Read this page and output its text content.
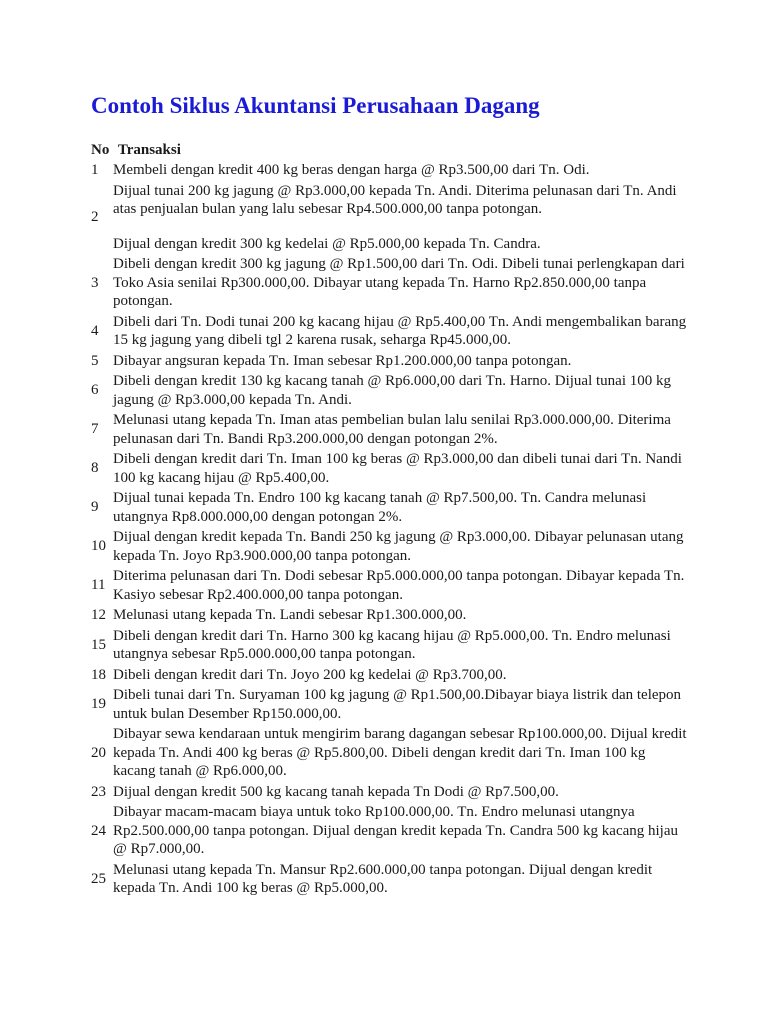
Contoh Siklus Akuntansi Perusahaan Dagang
No Transaksi
1 Membeli dengan kredit 400 kg beras dengan harga @ Rp3.500,00 dari Tn. Odi.

2

Dijual tunai 200 kg jagung @ Rp3.000,00 kepada Tn. Andi. Diterima pelunasan dari Tn. Andi atas penjualan bulan yang lalu sebesar Rp4.500.000,00 tanpa potongan.

Dijual dengan kredit 300 kg kedelai @ Rp5.000,00 kepada Tn. Candra.

3

Dibeli dengan kredit 300 kg jagung @ Rp1.500,00 dari Tn. Odi. Dibeli tunai perlengkapan dari Toko Asia senilai Rp300.000,00. Dibayar utang kepada Tn. Harno Rp2.850.000,00 tanpa potongan.

4

Dibeli dari Tn. Dodi tunai 200 kg kacang hijau @ Rp5.400,00 Tn. Andi mengembalikan barang 15 kg jagung yang dibeli tgl 2 karena rusak, seharga Rp45.000,00.

5 Dibayar angsuran kepada Tn. Iman sebesar Rp1.200.000,00 tanpa potongan.

6

Dibeli dengan kredit 130 kg kacang tanah @ Rp6.000,00 dari Tn. Harno. Dijual tunai 100 kg jagung @ Rp3.000,00 kepada Tn. Andi.

7

Melunasi utang kepada Tn. Iman atas pembelian bulan lalu senilai Rp3.000.000,00. Diterima pelunasan dari Tn. Bandi Rp3.200.000,00 dengan potongan 2%.

8

Dibeli dengan kredit dari Tn. Iman 100 kg beras @ Rp3.000,00 dan dibeli tunai dari Tn. Nandi 100 kg kacang hijau @ Rp5.400,00.

9

Dijual tunai kepada Tn. Endro 100 kg kacang tanah @ Rp7.500,00. Tn. Candra melunasi utangnya Rp8.000.000,00 dengan potongan 2%.

10

Dijual dengan kredit kepada Tn. Bandi 250 kg jagung @ Rp3.000,00. Dibayar pelunasan utang kepada Tn. Joyo Rp3.900.000,00 tanpa potongan.

11

Diterima pelunasan dari Tn. Dodi sebesar Rp5.000.000,00 tanpa potongan. Dibayar kepada Tn. Kasiyo sebesar Rp2.400.000,00 tanpa potongan.

12 Melunasi utang kepada Tn. Landi sebesar Rp1.300.000,00.

15

Dibeli dengan kredit dari Tn. Harno 300 kg kacang hijau @ Rp5.000,00. Tn. Endro melunasi utangnya sebesar Rp5.000.000,00 tanpa potongan.

18 Dibeli dengan kredit dari Tn. Joyo 200 kg kedelai @ Rp3.700,00.

19

Dibeli tunai dari Tn. Suryaman 100 kg jagung @ Rp1.500,00.Dibayar biaya listrik dan telepon untuk bulan Desember Rp150.000,00.

20

Dibayar sewa kendaraan untuk mengirim barang dagangan sebesar Rp100.000,00. Dijual kredit kepada Tn. Andi 400 kg beras @ Rp5.800,00. Dibeli dengan kredit dari Tn. Iman 100 kg kacang tanah @ Rp6.000,00.

23 Dijual dengan kredit 500 kg kacang tanah kepada Tn Dodi @ Rp7.500,00.

24

Dibayar macam-macam biaya untuk toko Rp100.000,00. Tn. Endro melunasi utangnya Rp2.500.000,00 tanpa potongan. Dijual dengan kredit kepada Tn. Candra 500 kg kacang hijau @ Rp7.000,00.

25

Melunasi utang kepada Tn. Mansur Rp2.600.000,00 tanpa potongan. Dijual dengan kredit kepada Tn. Andi 100 kg beras @ Rp5.000,00.
